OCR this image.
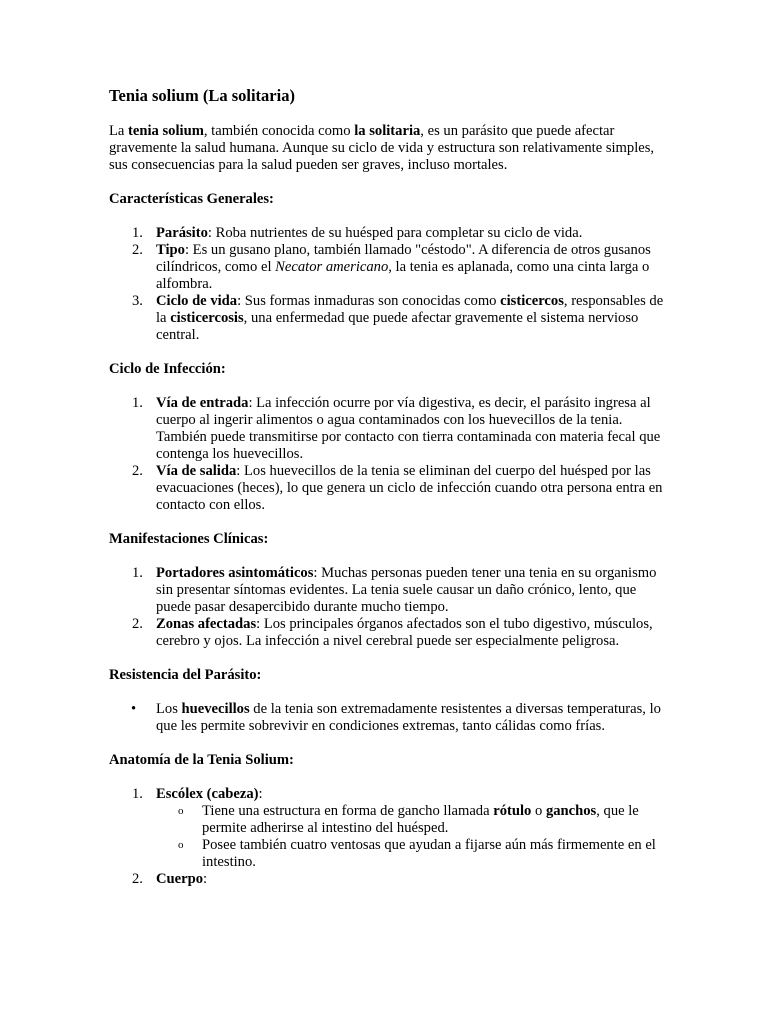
Tenia solium (La solitaria)

La tenia solium, también conocida como la solitaria, es un parásito que puede afectar gravemente la salud humana. Aunque su ciclo de vida y estructura son relativamente simples, sus consecuencias para la salud pueden ser graves, incluso mortales.

Características Generales:
1. Parásito: Roba nutrientes de su huésped para completar su ciclo de vida.
2. Tipo: Es un gusano plano, también llamado "céstodo". A diferencia de otros gusanos cilíndricos, como el Necator americano, la tenia es aplanada, como una cinta larga o alfombra.
3. Ciclo de vida: Sus formas inmaduras son conocidas como cisticercos, responsables de la cisticercosis, una enfermedad que puede afectar gravemente el sistema nervioso central.
Ciclo de Infección:
1. Vía de entrada: La infección ocurre por vía digestiva, es decir, el parásito ingresa al cuerpo al ingerir alimentos o agua contaminados con los huevecillos de la tenia. También puede transmitirse por contacto con tierra contaminada con materia fecal que contenga los huevecillos.
2. Vía de salida: Los huevecillos de la tenia se eliminan del cuerpo del huésped por las evacuaciones (heces), lo que genera un ciclo de infección cuando otra persona entra en contacto con ellos.
Manifestaciones Clínicas:
1. Portadores asintomáticos: Muchas personas pueden tener una tenia en su organismo sin presentar síntomas evidentes. La tenia suele causar un daño crónico, lento, que puede pasar desapercibido durante mucho tiempo.
2. Zonas afectadas: Los principales órganos afectados son el tubo digestivo, músculos, cerebro y ojos. La infección a nivel cerebral puede ser especialmente peligrosa.
Resistencia del Parásito:
• Los huevecillos de la tenia son extremadamente resistentes a diversas temperaturas, lo que les permite sobrevivir en condiciones extremas, tanto cálidas como frías.
Anatomía de la Tenia Solium:
1. Escólex (cabeza):
o Tiene una estructura en forma de gancho llamada rótulo o ganchos, que le permite adherirse al intestino del huésped.
o Posee también cuatro ventosas que ayudan a fijarse aún más firmemente en el intestino.
2. Cuerpo:
